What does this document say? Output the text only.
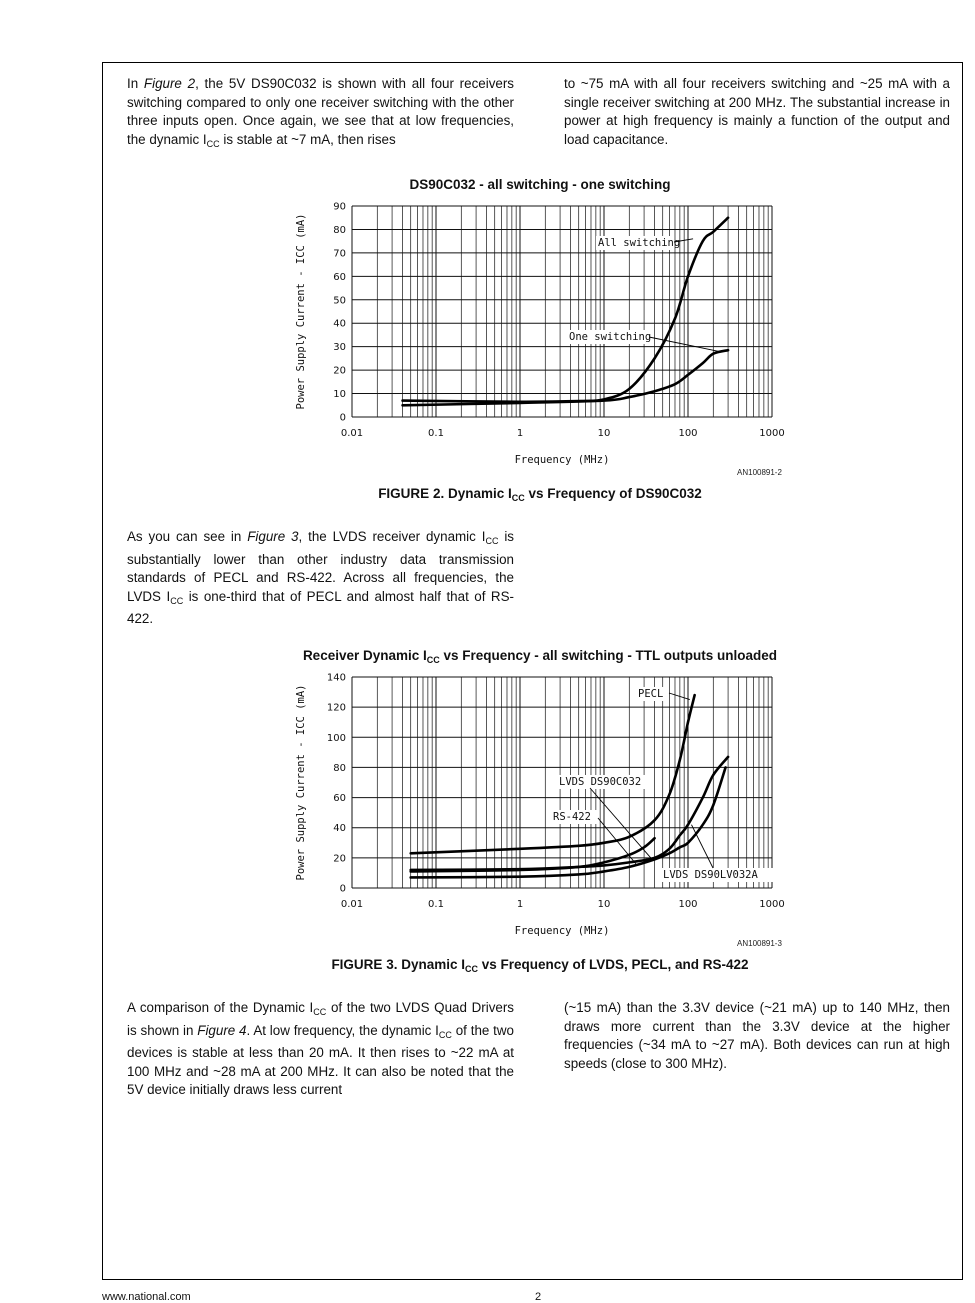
In Figure 2, the 5V DS90C032 is shown with all four receivers switching compared to only one receiver switching with the other three inputs open. Once again, we see that at low frequencies, the dynamic $I_{CC}$ is stable at ~7 mA, then rises
to ~75 mA with all four receivers switching and ~25 mA with a single receiver switching at 200 MHz. The substantial increase in power at high frequency is mainly a function of the output and load capacitance.
DS90C032 - all switching - one switching
0
10
20
30
40
50
60
70
80
90
0.01	0.1	1	10	100	1000
Frequency (MHz)
Power Supply Current - ICC (mA)	All switching
One switching
AN100891-2
FIGURE 2. Dynamic $I_{CC}$ vs Frequency of DS90C032
As you can see in Figure 3, the LVDS receiver dynamic $I_{CC}$ is substantially lower than other industry data transmission standards of PECL and RS-422. Across all frequencies, the LVDS $I_{CC}$ is one-third that of PECL and almost half that of RS-422.
Receiver Dynamic $I_{CC}$ vs Frequency - all switching - TTL outputs unloaded
0
20
40
60
80
100
120
140
0.01	0.1	1	10	100	1000
Frequency (MHz)
Power Supply Current - ICC (mA)	PECL
LVDS DS90C032
RS-422
LVDS DS90LV032A
AN100891-3
FIGURE 3. Dynamic $I_{CC}$ vs Frequency of LVDS, PECL, and RS-422
A comparison of the Dynamic $I_{CC}$ of the two LVDS Quad Drivers is shown in Figure 4. At low frequency, the dynamic $I_{CC}$ of the two devices is stable at less than 20 mA. It then rises to ~22 mA at 100 MHz and ~28 mA at 200 MHz. It can also be noted that the 5V device initially draws less current
(~15 mA) than the 3.3V device (~21 mA) up to 140 MHz, then draws more current than the 3.3V device at the higher frequencies (~34 mA to ~27 mA). Both devices can run at high speeds (close to 300 MHz).
www.national.com	2
